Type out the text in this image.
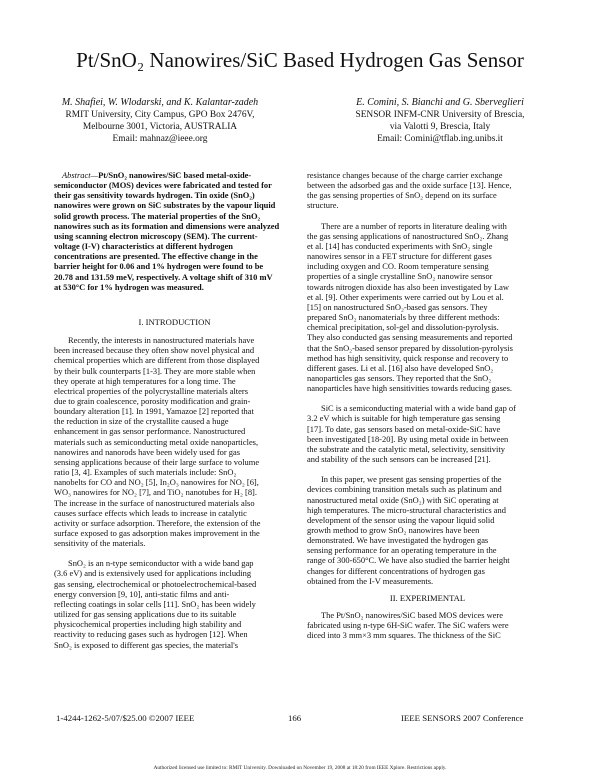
Pt/SnO₂ Nanowires/SiC Based Hydrogen Gas Sensor
M. Shafiei, W. Wlodarski, and K. Kalantar-zadeh
RMIT University, City Campus, GPO Box 2476V,
Melbourne 3001, Victoria, AUSTRALIA
Email: mahnaz@ieee.org
E. Comini, S. Bianchi and G. Sberveglieri
SENSOR INFM-CNR University of Brescia,
via Valotti 9, Brescia, Italy
Email: Comini@tflab.ing.unibs.it
Abstract—Pt/SnO₂ nanowires/SiC based metal-oxide-
semiconductor (MOS) devices were fabricated and tested for
their gas sensitivity towards hydrogen. Tin oxide (SnO₂)
nanowires were grown on SiC substrates by the vapour liquid
solid growth process. The material properties of the SnO₂
nanowires such as its formation and dimensions were analyzed
using scanning electron microscopy (SEM). The current-
voltage (I-V) characteristics at different hydrogen
concentrations are presented. The effective change in the
barrier height for 0.06 and 1% hydrogen were found to be
20.78 and 131.59 meV, respectively. A voltage shift of 310 mV
at 530°C for 1% hydrogen was measured.
I. INTRODUCTION
Recently, the interests in nanostructured materials have
been increased because they often show novel physical and
chemical properties which are different from those displayed
by their bulk counterparts [1-3]. They are more stable when
they operate at high temperatures for a long time. The
electrical properties of the polycrystalline materials alters
due to grain coalescence, porosity modification and grain-
boundary alteration [1]. In 1991, Yamazoe [2] reported that
the reduction in size of the crystallite caused a huge
enhancement in gas sensor performance. Nanostructured
materials such as semiconducting metal oxide nanoparticles,
nanowires and nanorods have been widely used for gas
sensing applications because of their large surface to volume
ratio [3, 4]. Examples of such materials include: SnO₂
nanobelts for CO and NO₂ [5], In₂O₃ nanowires for NO₂ [6],
WO₃ nanowires for NO₂ [7], and TiO₂ nanotubes for H₂ [8].
The increase in the surface of nanostructured materials also
causes surface effects which leads to increase in catalytic
activity or surface adsorption. Therefore, the extension of the
surface exposed to gas adsorption makes improvement in the
sensitivity of the materials.
SnO₂ is an n-type semiconductor with a wide band gap
(3.6 eV) and is extensively used for applications including
gas sensing, electrochemical or photoelectrochemical-based
energy conversion [9, 10], anti-static films and anti-
reflecting coatings in solar cells [11]. SnO₂ has been widely
utilized for gas sensing applications due to its suitable
physicochemical properties including high stability and
reactivity to reducing gases such as hydrogen [12]. When
SnO₂ is exposed to different gas species, the material's
resistance changes because of the charge carrier exchange
between the adsorbed gas and the oxide surface [13]. Hence,
the gas sensing properties of SnO₂ depend on its surface
structure.
There are a number of reports in literature dealing with
the gas sensing applications of nanostructured SnO₂. Zhang
et al. [14] has conducted experiments with SnO₂ single
nanowires sensor in a FET structure for different gases
including oxygen and CO. Room temperature sensing
properties of a single crystalline SnO₂ nanowire sensor
towards nitrogen dioxide has also been investigated by Law
et al. [9]. Other experiments were carried out by Lou et al.
[15] on nanostructured SnO₂-based gas sensors. They
prepared SnO₂ nanomaterials by three different methods:
chemical precipitation, sol-gel and dissolution-pyrolysis.
They also conducted gas sensing measurements and reported
that the SnO₂-based sensor prepared by dissolution-pyrolysis
method has high sensitivity, quick response and recovery to
different gases. Li et al. [16] also have developed SnO₂
nanoparticles gas sensors. They reported that the SnO₂
nanoparticles have high sensitivities towards reducing gases.
SiC is a semiconducting material with a wide band gap of
3.2 eV which is suitable for high temperature gas sensing
[17]. To date, gas sensors based on metal-oxide-SiC have
been investigated [18-20]. By using metal oxide in between
the substrate and the catalytic metal, selectivity, sensitivity
and stability of the such sensors can be increased [21].
In this paper, we present gas sensing properties of the
devices combining transition metals such as platinum and
nanostructured metal oxide (SnO₂) with SiC operating at
high temperatures. The micro-structural characteristics and
development of the sensor using the vapour liquid solid
growth method to grow SnO₂ nanowires have been
demonstrated. We have investigated the hydrogen gas
sensing performance for an operating temperature in the
range of 300-650°C. We have also studied the barrier height
changes for different concentrations of hydrogen gas
obtained from the I-V measurements.
II. EXPERIMENTAL
The Pt/SnO₂ nanowires/SiC based MOS devices were
fabricated using n-type 6H-SiC wafer. The SiC wafers were
diced into 3 mm×3 mm squares. The thickness of the SiC
1-4244-1262-5/07/$25.00 ©2007 IEEE	166	IEEE SENSORS 2007 Conference
Authorized licensed use limited to: RMIT University. Downloaded on November 19, 2008 at 18:20 from IEEE Xplore. Restrictions apply.
